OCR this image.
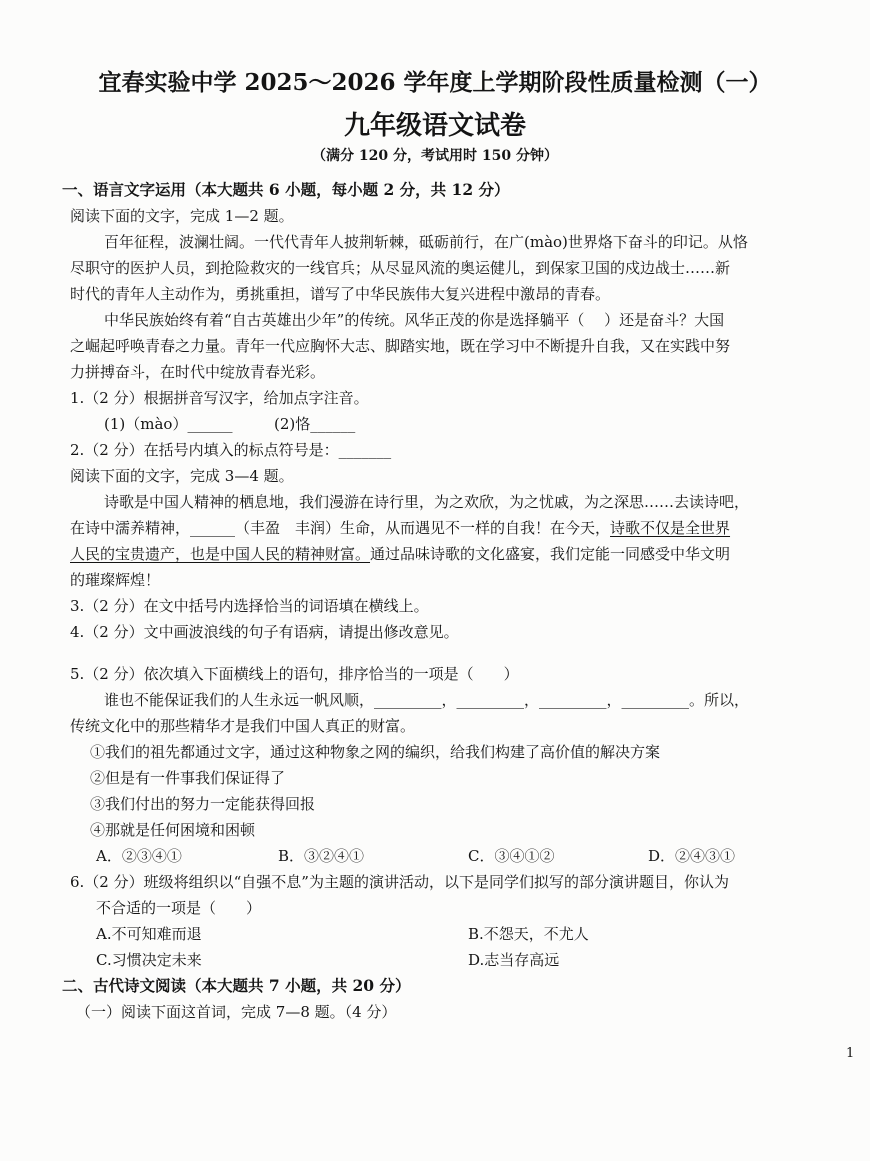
宜春实验中学 2025～2026 学年度上学期阶段性质量检测（一）
九年级语文试卷
（满分 120 分，考试用时 150 分钟）
一、语言文字运用（本大题共 6 小题，每小题 2 分，共 12 分）
阅读下面的文字，完成 1—2 题。
百年征程，波澜壮阔。一代代青年人披荆斩棘，砥砺前行，在广(mào)世界烙下奋斗的印记。从恪
尽职守的医护人员，到抢险救灾的一线官兵；从尽显风流的奥运健儿，到保家卫国的戍边战士……新
时代的青年人主动作为，勇挑重担，谱写了中华民族伟大复兴进程中激昂的青春。
中华民族始终有着“自古英雄出少年”的传统。风华正茂的你是选择躺平（　 ）还是奋斗？大国
之崛起呼唤青春之力量。青年一代应胸怀大志、脚踏实地，既在学习中不断提升自我，又在实践中努
力拼搏奋斗，在时代中绽放青春光彩。
1.（2 分）根据拼音写汉字，给加点字注音。
(1)（mào）______	(2)恪______
2.（2 分）在括号内填入的标点符号是：_______
阅读下面的文字，完成 3—4 题。
诗歌是中国人精神的栖息地，我们漫游在诗行里，为之欢欣，为之忧戚，为之深思……去读诗吧，
在诗中濡养精神，______（丰盈　丰润）生命，从而遇见不一样的自我！在今天，诗歌不仅是全世界
人民的宝贵遗产，也是中国人民的精神财富。通过品味诗歌的文化盛宴，我们定能一同感受中华文明
的璀璨辉煌！
3.（2 分）在文中括号内选择恰当的词语填在横线上。
4.（2 分）文中画波浪线的句子有语病，请提出修改意见。
5.（2 分）依次填入下面横线上的语句，排序恰当的一项是（　　）
谁也不能保证我们的人生永远一帆风顺，_________，_________，_________，_________。所以，
传统文化中的那些精华才是我们中国人真正的财富。
①我们的祖先都通过文字，通过这种物象之网的编织，给我们构建了高价值的解决方案
②但是有一件事我们保证得了
③我们付出的努力一定能获得回报
④那就是任何困境和困顿
A．②③④①	B．③②④①	C．③④①②	D．②④③①
6.（2 分）班级将组织以“自强不息”为主题的演讲活动，以下是同学们拟写的部分演讲题目，你认为
不合适的一项是（　　）
A.不可知难而退	B.不怨天，不尤人
C.习惯决定未来	D.志当存高远
二、古代诗文阅读（本大题共 7 小题，共 20 分）
（一）阅读下面这首词，完成 7—8 题。（4 分）
1
